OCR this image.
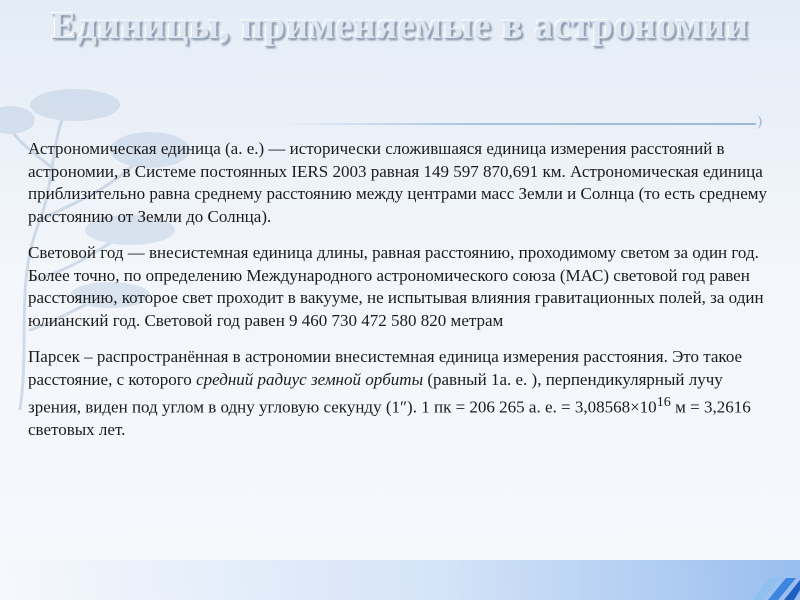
Единицы, применяемые в астрономии

Астрономическая единица (а. е.) — исторически сложившаяся единица измерения расстояний в астрономии, в Системе постоянных IERS 2003 равная 149 597 870,691 км. Астрономическая единица приблизительно равна среднему расстоянию между центрами масс Земли и Солнца (то есть среднему расстоянию от Земли до Солнца).

Световой год — внесистемная единица длины, равная расстоянию, проходимому светом за один год. Более точно, по определению Международного астрономического союза (МАС) световой год равен расстоянию, которое свет проходит в вакууме, не испытывая влияния гравитационных полей, за один юлианский год. Световой год равен 9 460 730 472 580 820 метрам

Парсек – распространённая в астрономии внесистемная единица измерения расстояния. Это такое расстояние, с которого средний радиус земной орбиты (равный 1а. е. ), перпендикулярный лучу зрения, виден под углом в одну угловую секунду (1″). 1 пк = 206 265 а. е. = $3,08568\times 10^{16}$ м = 3,2616 световых лет.
